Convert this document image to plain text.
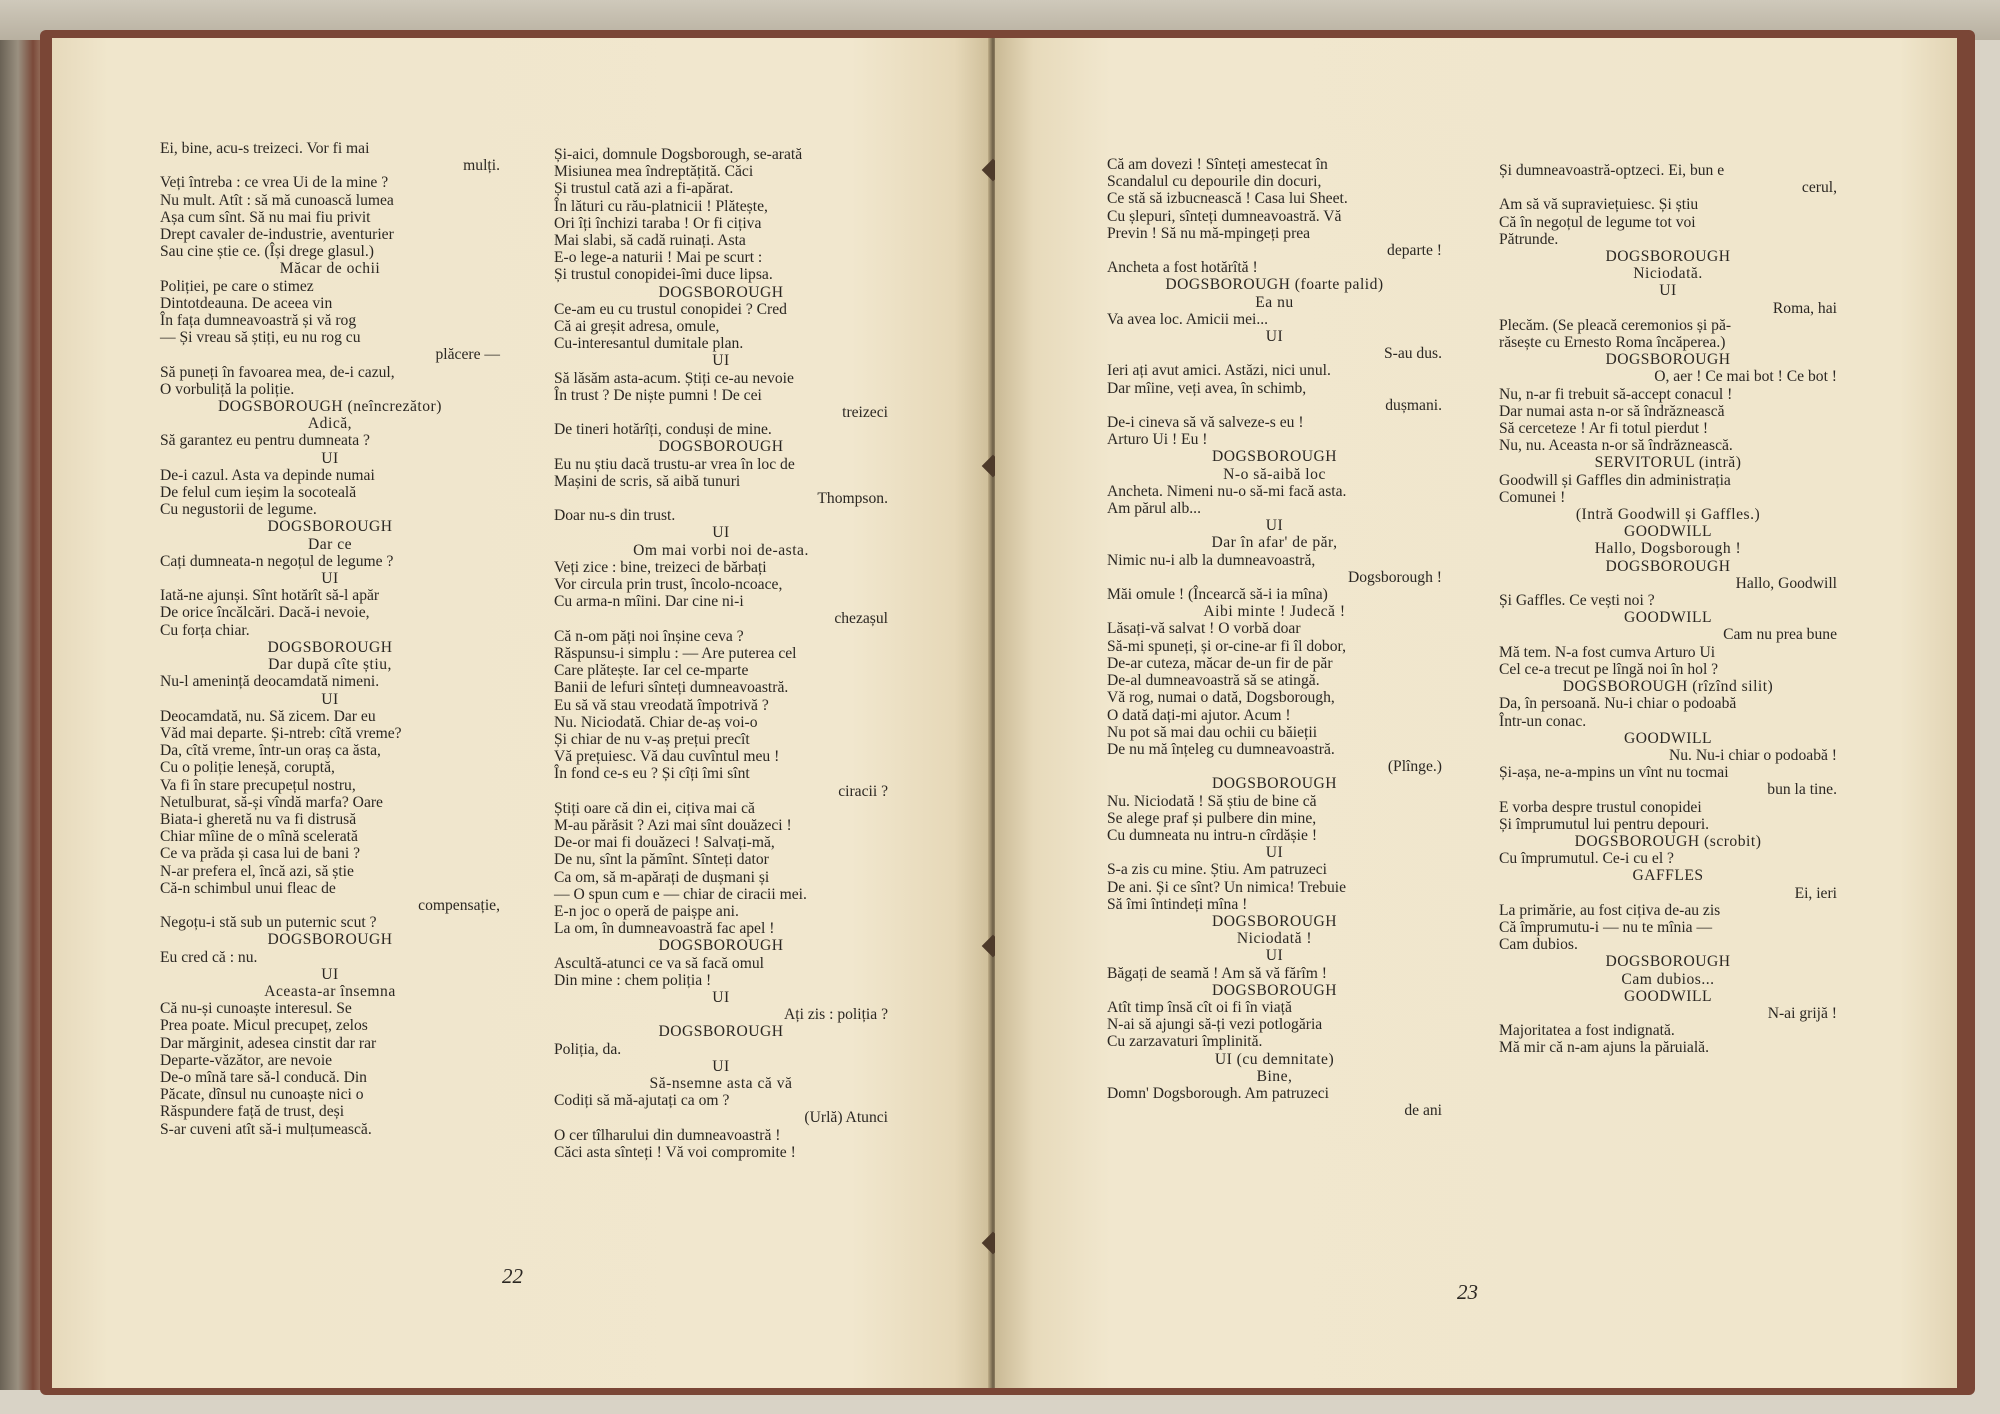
Ei, bine, acu-s treizeci. Vor fi mai
mulți.
Veți întreba : ce vrea Ui de la mine ?
Nu mult. Atît : să mă cunoască lumea
Așa cum sînt. Să nu mai fiu privit
Drept cavaler de-industrie, aventurier
Sau cine știe ce. (Își drege glasul.)
Măcar de ochii
Poliției, pe care o stimez
Dintotdeauna. De aceea vin
În fața dumneavoastră și vă rog
— Și vreau să știți, eu nu rog cu
plăcere —
Să puneți în favoarea mea, de-i cazul,
O vorbuliță la poliție.
DOGSBOROUGH (neîncrezător)
Adică,
Să garantez eu pentru dumneata ?
UI
De-i cazul. Asta va depinde numai
De felul cum ieșim la socoteală
Cu negustorii de legume.
DOGSBOROUGH
Dar ce
Cați dumneata-n negoțul de legume ?
UI
Iată-ne ajunși. Sînt hotărît să-l apăr
De orice încălcări. Dacă-i nevoie,
Cu forța chiar.
DOGSBOROUGH
Dar după cîte știu,
Nu-l amenință deocamdată nimeni.
UI
Deocamdată, nu. Să zicem. Dar eu
Văd mai departe. Și-ntreb: cîtă vreme?
Da, cîtă vreme, într-un oraș ca ăsta,
Cu o poliție leneșă, coruptă,
Va fi în stare precupețul nostru,
Netulburat, să-și vîndă marfa? Oare
Biata-i gheretă nu va fi distrusă
Chiar mîine de o mînă scelerată
Ce va prăda și casa lui de bani ?
N-ar prefera el, încă azi, să știe
Că-n schimbul unui fleac de
compensație,
Negoțu-i stă sub un puternic scut ?
DOGSBOROUGH
Eu cred că : nu.
UI
Aceasta-ar însemna
Că nu-și cunoaște interesul. Se
Prea poate. Micul precupeț, zelos
Dar mărginit, adesea cinstit dar rar
Departe-văzător, are nevoie
De-o mînă tare să-l conducă. Din
Păcate, dînsul nu cunoaște nici o
Răspundere față de trust, deși
S-ar cuveni atît să-i mulțumească.
Și-aici, domnule Dogsborough, se-arată
Misiunea mea îndreptățită. Căci
Și trustul cată azi a fi-apărat.
În lături cu rău-platnicii ! Plătește,
Ori îți închizi taraba ! Or fi cițiva
Mai slabi, să cadă ruinați. Asta
E-o lege-a naturii ! Mai pe scurt :
Și trustul conopidei-îmi duce lipsa.
DOGSBOROUGH
Ce-am eu cu trustul conopidei ? Cred
Că ai greșit adresa, omule,
Cu-interesantul dumitale plan.
UI
Să lăsăm asta-acum. Știți ce-au nevoie
În trust ? De niște pumni ! De cei
treizeci
De tineri hotărîți, conduși de mine.
DOGSBOROUGH
Eu nu știu dacă trustu-ar vrea în loc de
Mașini de scris, să aibă tunuri
Thompson.
Doar nu-s din trust.
UI
Om mai vorbi noi de-asta.
Veți zice : bine, treizeci de bărbați
Vor circula prin trust, încolo-ncoace,
Cu arma-n mîini. Dar cine ni-i
chezașul
Că n-om păți noi înșine ceva ?
Răspunsu-i simplu : — Are puterea cel
Care plătește. Iar cel ce-mparte
Banii de lefuri sînteți dumneavoastră.
Eu să vă stau vreodată împotrivă ?
Nu. Niciodată. Chiar de-aș voi-o
Și chiar de nu v-aș prețui precît
Vă prețuiesc. Vă dau cuvîntul meu !
În fond ce-s eu ? Și cîți îmi sînt
ciracii ?
Știți oare că din ei, cițiva mai că
M-au părăsit ? Azi mai sînt douăzeci !
De-or mai fi douăzeci ! Salvați-mă,
De nu, sînt la pămînt. Sînteți dator
Ca om, să m-apărați de dușmani și
— O spun cum e — chiar de ciracii mei.
E-n joc o operă de paișpe ani.
La om, în dumneavoastră fac apel !
DOGSBOROUGH
Ascultă-atunci ce va să facă omul
Din mine : chem poliția !
UI
Ați zis : poliția ?
DOGSBOROUGH
Poliția, da.
UI
Să-nsemne asta că vă
Codiți să mă-ajutați ca om ?
(Urlă) Atunci
O cer tîlharului din dumneavoastră !
Căci asta sînteți ! Vă voi compromite !
22
Că am dovezi ! Sînteți amestecat în
Scandalul cu depourile din docuri,
Ce stă să izbucnească ! Casa lui Sheet.
Cu șlepuri, sînteți dumneavoastră. Vă
Previn ! Să nu mă-mpingeți prea
departe !
Ancheta a fost hotărîtă !
DOGSBOROUGH (foarte palid)
Ea nu
Va avea loc. Amicii mei...
UI
S-au dus.
Ieri ați avut amici. Astăzi, nici unul.
Dar mîine, veți avea, în schimb,
dușmani.
De-i cineva să vă salveze-s eu !
Arturo Ui ! Eu !
DOGSBOROUGH
N-o să-aibă loc
Ancheta. Nimeni nu-o să-mi facă asta.
Am părul alb...
UI
Dar în afar' de păr,
Nimic nu-i alb la dumneavoastră,
Dogsborough !
Măi omule ! (Încearcă să-i ia mîna)
Aibi minte ! Judecă !
Lăsați-vă salvat ! O vorbă doar
Să-mi spuneți, și or-cine-ar fi îl dobor,
De-ar cuteza, măcar de-un fir de păr
De-al dumneavoastră să se atingă.
Vă rog, numai o dată, Dogsborough,
O dată dați-mi ajutor. Acum !
Nu pot să mai dau ochii cu băieții
De nu mă înțeleg cu dumneavoastră.
(Plînge.)
DOGSBOROUGH
Nu. Niciodată ! Să știu de bine că
Se alege praf și pulbere din mine,
Cu dumneata nu intru-n cîrdășie !
UI
S-a zis cu mine. Știu. Am patruzeci
De ani. Și ce sînt? Un nimica! Trebuie
Să îmi întindeți mîna !
DOGSBOROUGH
Niciodată !
UI
Băgați de seamă ! Am să vă fărîm !
DOGSBOROUGH
Atît timp însă cît oi fi în viață
N-ai să ajungi să-ți vezi potlogăria
Cu zarzavaturi împlinită.
UI (cu demnitate)
Bine,
Domn' Dogsborough. Am patruzeci
de ani
Și dumneavoastră-optzeci. Ei, bun e
cerul,
Am să vă supraviețuiesc. Și știu
Că în negoțul de legume tot voi
Pătrunde.
DOGSBOROUGH
Niciodată.
UI
Roma, hai
Plecăm. (Se pleacă ceremonios și pă-
răsește cu Ernesto Roma încăperea.)
DOGSBOROUGH
O, aer ! Ce mai bot ! Ce bot !
Nu, n-ar fi trebuit să-accept conacul !
Dar numai asta n-or să îndrăznească
Să cerceteze ! Ar fi totul pierdut !
Nu, nu. Aceasta n-or să îndrăznească.
SERVITORUL (intră)
Goodwill și Gaffles din administrația
Comunei !
(Intră Goodwill și Gaffles.)
GOODWILL
Hallo, Dogsborough !
DOGSBOROUGH
Hallo, Goodwill
Și Gaffles. Ce vești noi ?
GOODWILL
Cam nu prea bune
Mă tem. N-a fost cumva Arturo Ui
Cel ce-a trecut pe lîngă noi în hol ?
DOGSBOROUGH (rîzînd silit)
Da, în persoană. Nu-i chiar o podoabă
Într-un conac.
GOODWILL
Nu. Nu-i chiar o podoabă !
Și-așa, ne-a-mpins un vînt nu tocmai
bun la tine.
E vorba despre trustul conopidei
Și împrumutul lui pentru depouri.
DOGSBOROUGH (scrobit)
Cu împrumutul. Ce-i cu el ?
GAFFLES
Ei, ieri
La primărie, au fost cițiva de-au zis
Că împrumutu-i — nu te mînia —
Cam dubios.
DOGSBOROUGH
Cam dubios...
GOODWILL
N-ai grijă !
Majoritatea a fost indignată.
Mă mir că n-am ajuns la păruială.
23
